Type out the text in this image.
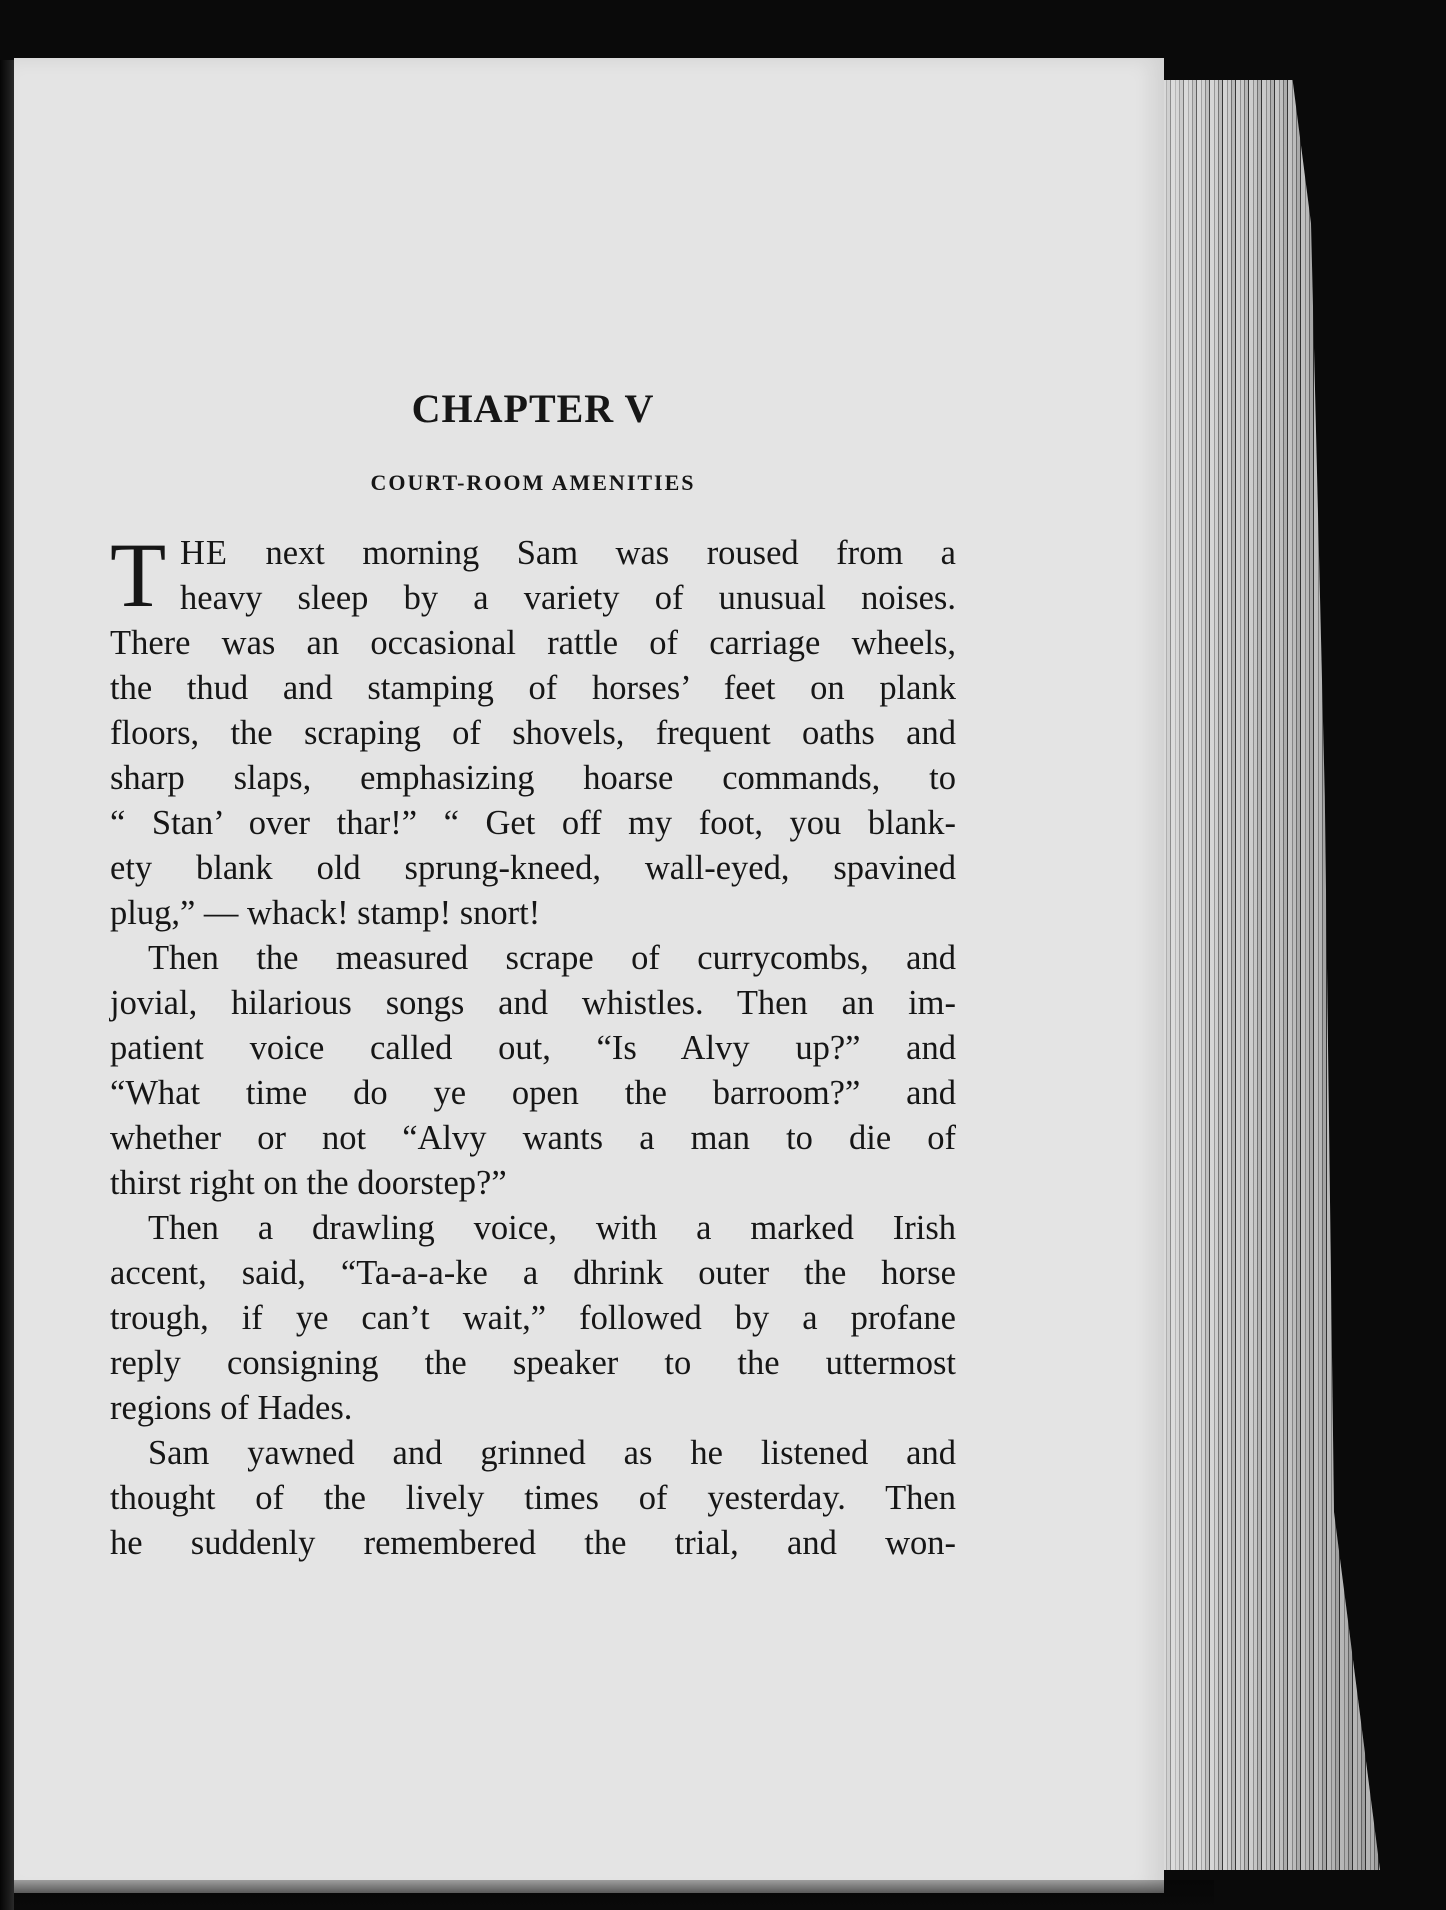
CHAPTER V
COURT-ROOM AMENITIES
T HE next morning Sam was roused from a
heavy sleep by a variety of unusual noises.
There was an occasional rattle of carriage wheels,
the thud and stamping of horses’ feet on plank
floors, the scraping of shovels, frequent oaths and
sharp slaps, emphasizing hoarse commands, to
“ Stan’ over thar!” “ Get off my foot, you blank-
ety blank old sprung-kneed, wall-eyed, spavined
plug,” — whack! stamp! snort!
Then the measured scrape of currycombs, and
jovial, hilarious songs and whistles. Then an im-
patient voice called out, “Is Alvy up?” and
“What time do ye open the barroom?” and
whether or not “Alvy wants a man to die of
thirst right on the doorstep?”
Then a drawling voice, with a marked Irish
accent, said, “Ta-a-a-ke a dhrink outer the horse
trough, if ye can’t wait,” followed by a profane
reply consigning the speaker to the uttermost
regions of Hades.
Sam yawned and grinned as he listened and
thought of the lively times of yesterday. Then
he suddenly remembered the trial, and won-
